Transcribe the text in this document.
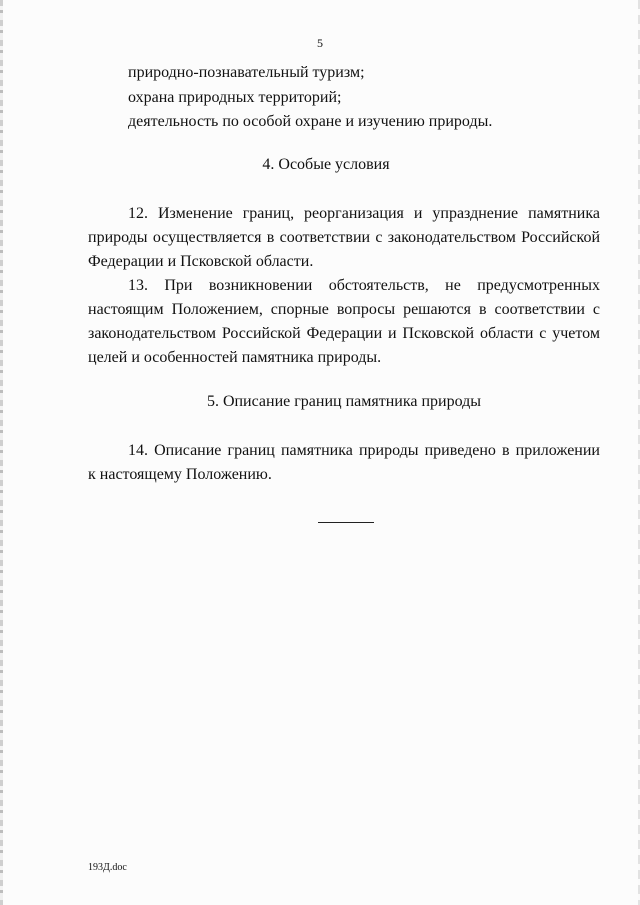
5
природно-познавательный туризм;
охрана природных территорий;
деятельность по особой охране и изучению природы.
4. Особые условия
12. Изменение границ, реорганизация и упразднение памятника
природы осуществляется в соответствии с законодательством Российской
Федерации и Псковской области.
13. При возникновении обстоятельств, не предусмотренных
настоящим Положением, спорные вопросы решаются в соответствии с
законодательством Российской Федерации и Псковской области с учетом
целей и особенностей памятника природы.
5. Описание границ памятника природы
14. Описание границ памятника природы приведено в приложении
к настоящему Положению.
193Д.doc
